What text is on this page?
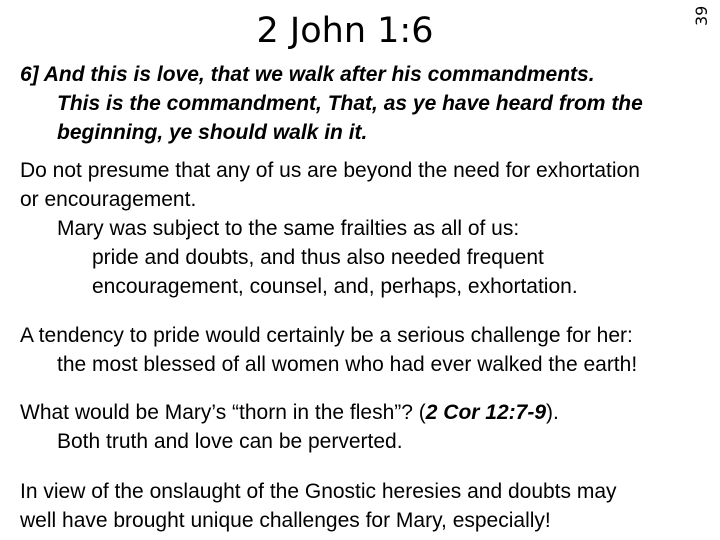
2 John 1:6	39
6] And this is love, that we walk after his commandments.
This is the commandment, That, as ye have heard from the
beginning, ye should walk in it.
Do not presume that any of us are beyond the need for exhortation
or encouragement.
Mary was subject to the same frailties as all of us:
pride and doubts, and thus also needed frequent
encouragement, counsel, and, perhaps, exhortation.
A tendency to pride would certainly be a serious challenge for her:
the most blessed of all women who had ever walked the earth!
What would be Mary’s “thorn in the flesh”? (2 Cor 12:7-9).
Both truth and love can be perverted.
In view of the onslaught of the Gnostic heresies and doubts may
well have brought unique challenges for Mary, especially!
